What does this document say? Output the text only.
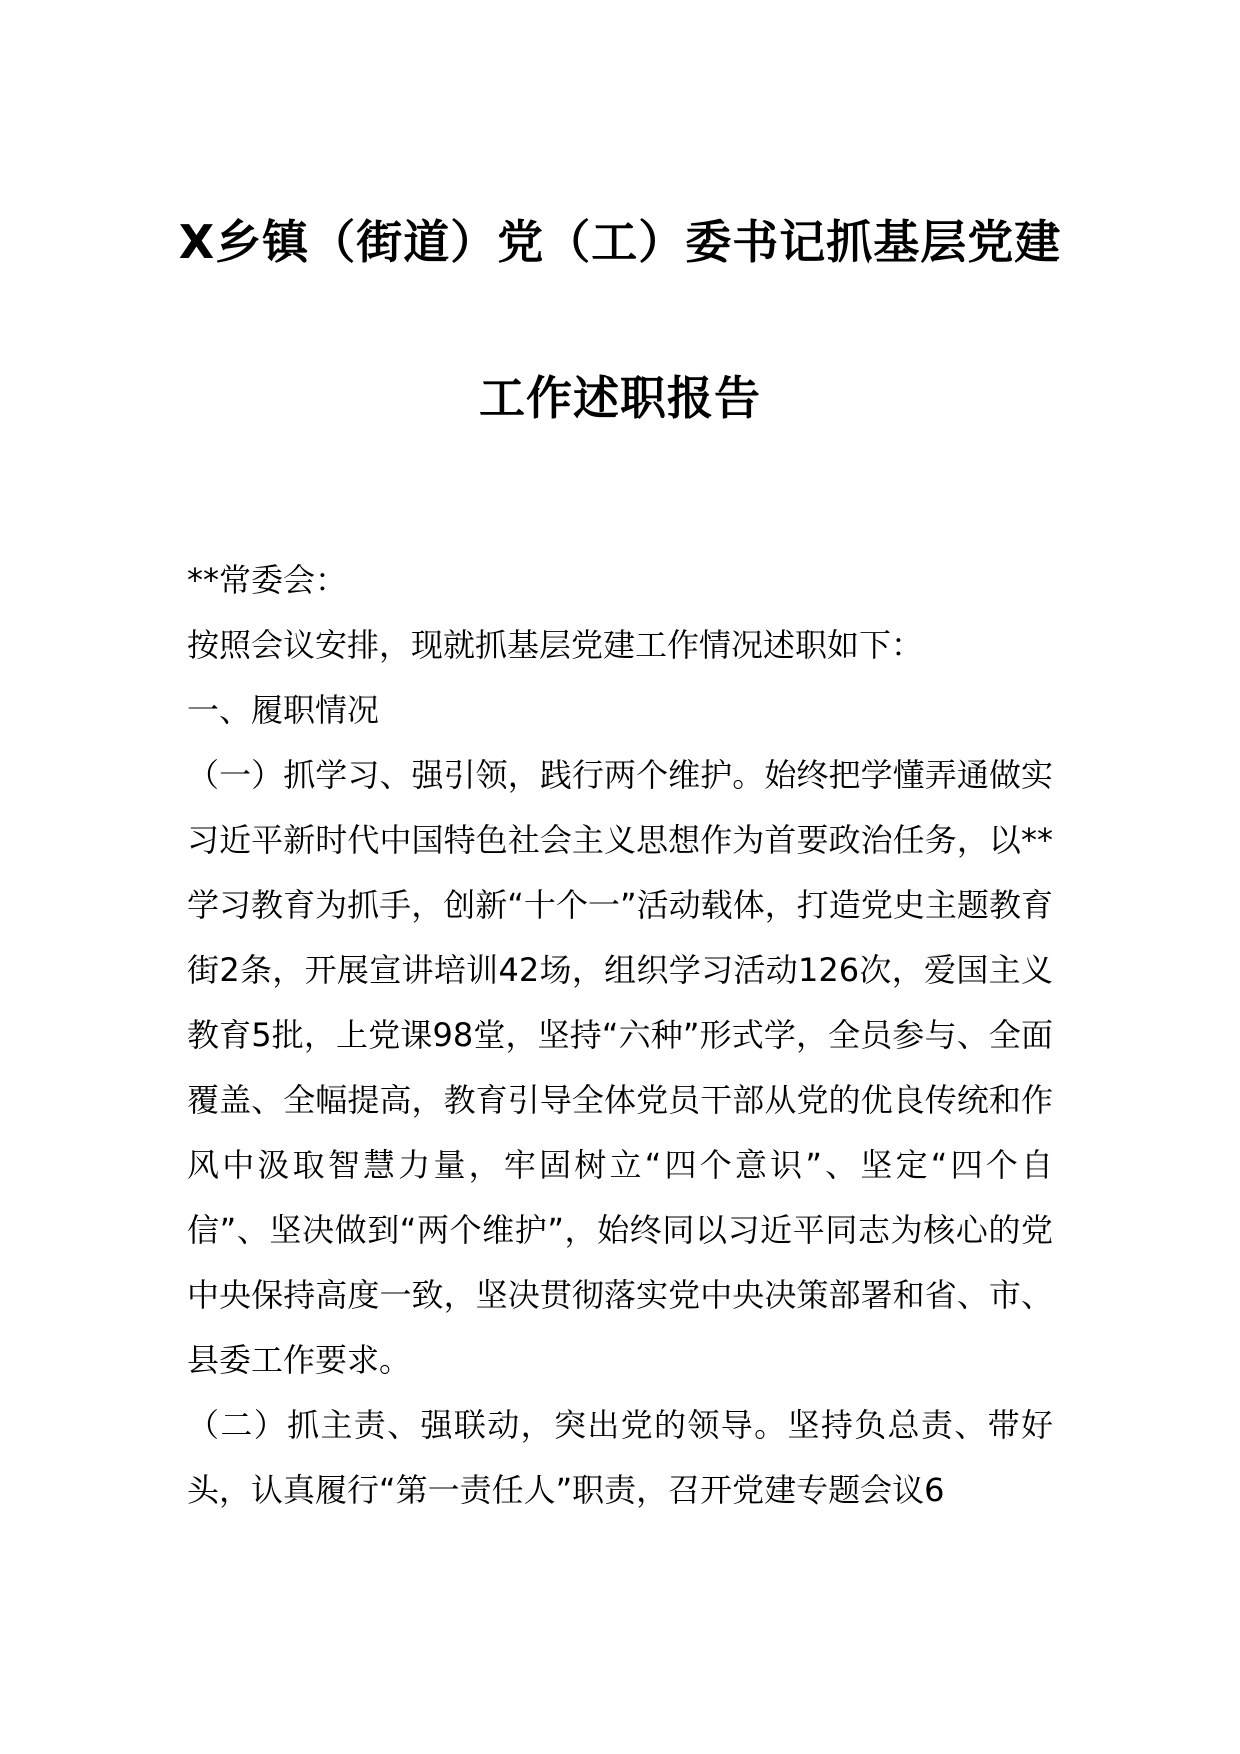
X乡镇（街道）党（工）委书记抓基层党建
工作述职报告

**常委会：

按照会议安排，现就抓基层党建工作情况述职如下：

一、履职情况

（一）抓学习、强引领，践行两个维护。始终把学懂弄通做实习近平新时代中国特色社会主义思想作为首要政治任务，以**学习教育为抓手，创新“十个一”活动载体，打造党史主题教育街2条，开展宣讲培训42场，组织学习活动126次，爱国主义教育5批，上党课98堂，坚持“六种”形式学，全员参与、全面覆盖、全幅提高，教育引导全体党员干部从党的优良传统和作风中汲取智慧力量，牢固树立“四个意识”、坚定“四个自信”、坚决做到“两个维护”，始终同以习近平同志为核心的党中央保持高度一致，坚决贯彻落实党中央决策部署和省、市、县委工作要求。

（二）抓主责、强联动，突出党的领导。坚持负总责、带好头，认真履行“第一责任人”职责，召开党建专题会议6
